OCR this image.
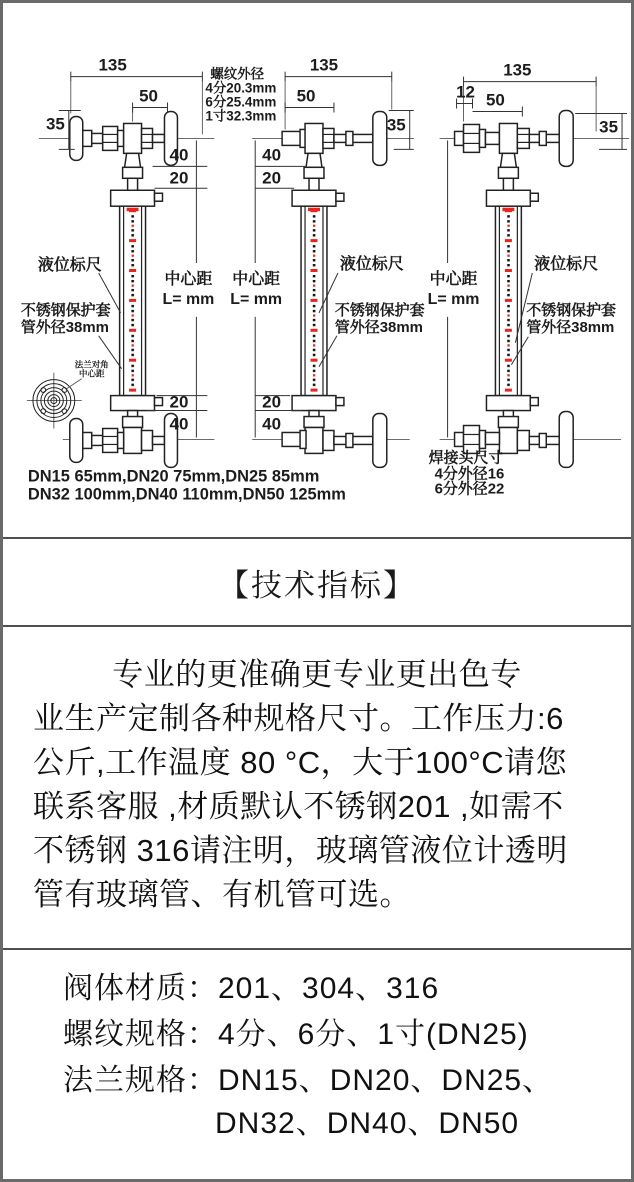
135
50
35
40
20
中心距
L= mm
20
40
液位标尺
不锈钢保护套
管外径38mm
法兰对角
中心距
135
50
35
40
20
中心距
L= mm
20
40
液位标尺
不锈钢保护套
管外径38mm
螺纹外径
4分20.3mm
6分25.4mm
1寸32.3mm
135
12 50
35
中心距
L= mm
液位标尺
不锈钢保护套
管外径38mm
焊接头尺寸
4分外径16
6分外径22
DN15 65mm,DN20 75mm,DN25 85mm
DN32 100mm,DN40 110mm,DN50 125mm
【技术指标】
专业的更准确更专业更出色专
业生产定制各种规格尺寸。工作压力:6
公斤,工作温度 80 °C，大于100°C请您
联系客服 ,材质默认不锈钢201 ,如需不
不锈钢 316请注明，玻璃管液位计透明
管有玻璃管、有机管可选。
阀体材质：201、304、316
螺纹规格：4分、6分、1寸(DN25)
法兰规格：DN15、DN20、DN25、
DN32、DN40、DN50
